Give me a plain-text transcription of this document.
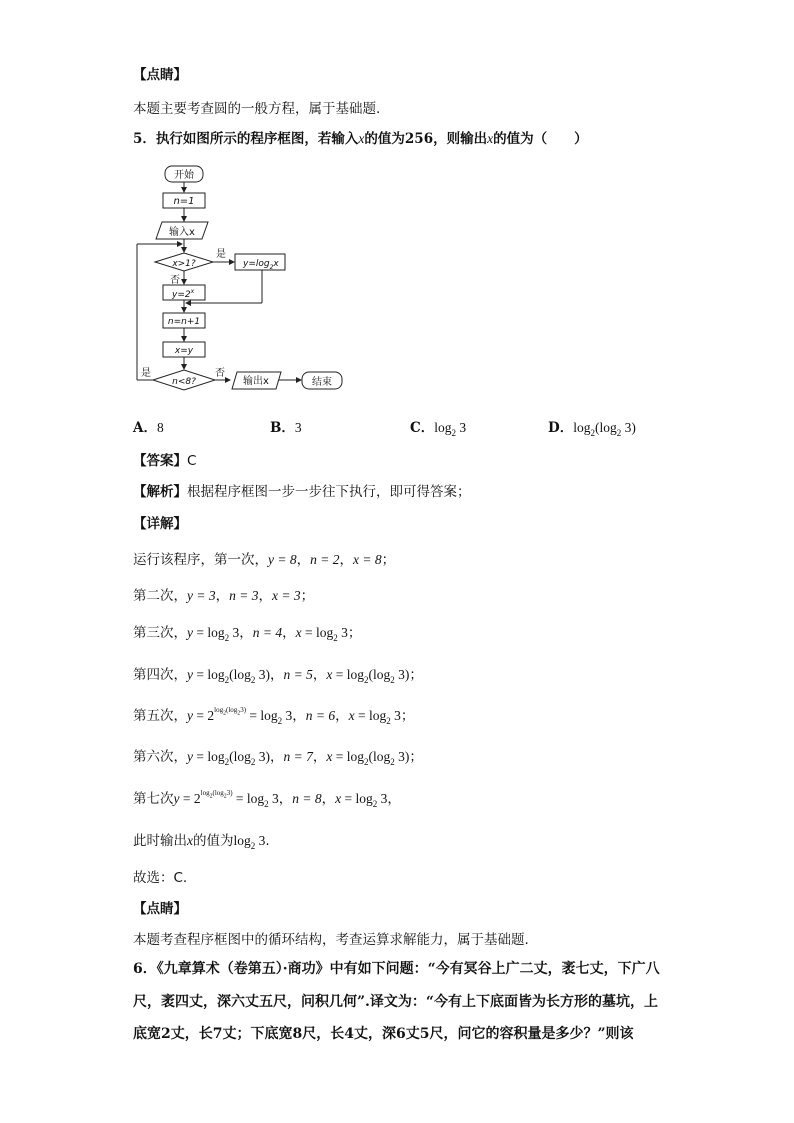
【点睛】
本题主要考查圆的一般方程，属于基础题.
5．执行如图所示的程序框图，若输入x的值为256，则输出x的值为（　　）
开始
n=1
输入x
x>1?
是
否
$y=\log_2x$
$y=2^x$
n=n+1
x=y
n<8?
是	否
输出x	结束
A．8	B．3	C．$\log_2 3$	D．$\log_2(\log_2$ 3)
【答案】C
【解析】根据程序框图一步一步往下执行，即可得答案；
【详解】
运行该程序，第一次，y = 8，n = 2，x = 8；
第二次，y = 3，n = 3，x = 3；
第三次，$y = \log_2 3$，n = 4，$x = \log_2 3$；
第四次，$y = \log_2(\log_2$ 3)，n = 5，$x = \log_2(\log_2$ 3)；
第五次，$y = 2^{log_2(log_23)} = \log_2 3$，n = 6，$x = \log_2 3$；
第六次，$y = \log_2(\log_2$ 3)，n = 7，$x = \log_2(\log_2$ 3)；
第七次$y = 2^{log_2(log_23)} = \log_2 3$，n = 8，$x = \log_2 3$，
此时输出x的值为$\log_2 3$.
故选：C.
【点睛】
本题考查程序框图中的循环结构，考查运算求解能力，属于基础题.
6．《九章算术（卷第五）·商功》中有如下问题：“今有冥谷上广二丈，袤七丈，下广八
尺，袤四丈，深六丈五尺，问积几何”.译文为：“今有上下底面皆为长方形的墓坑，上
底宽2丈，长7丈；下底宽8尺，长4丈，深6丈5尺，问它的容积量是多少？”则该
